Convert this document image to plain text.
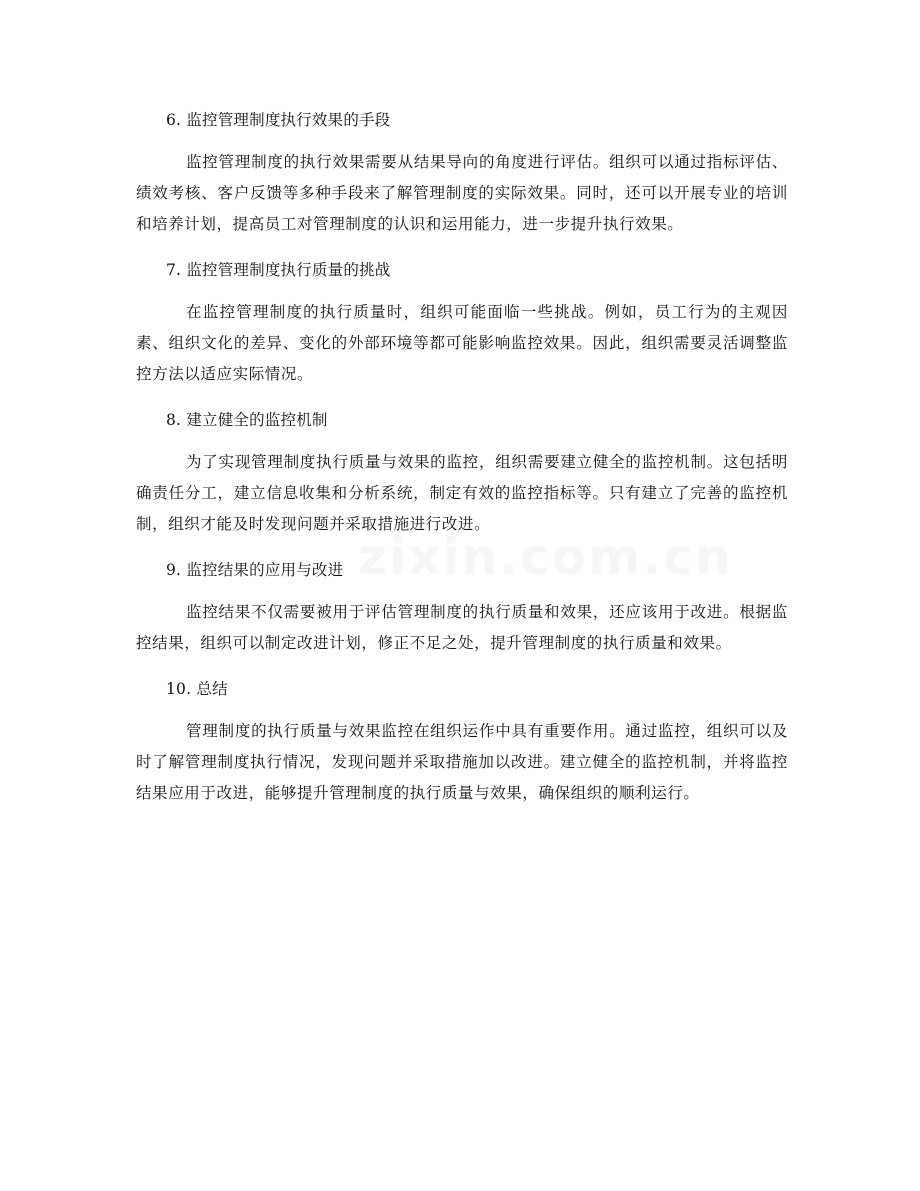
6. 监控管理制度执行效果的手段

监控管理制度的执行效果需要从结果导向的角度进行评估。组织可以通过指标评估、绩效考核、客户反馈等多种手段来了解管理制度的实际效果。同时，还可以开展专业的培训和培养计划，提高员工对管理制度的认识和运用能力，进一步提升执行效果。

7. 监控管理制度执行质量的挑战

在监控管理制度的执行质量时，组织可能面临一些挑战。例如，员工行为的主观因素、组织文化的差异、变化的外部环境等都可能影响监控效果。因此，组织需要灵活调整监控方法以适应实际情况。

8. 建立健全的监控机制

为了实现管理制度执行质量与效果的监控，组织需要建立健全的监控机制。这包括明确责任分工，建立信息收集和分析系统，制定有效的监控指标等。只有建立了完善的监控机制，组织才能及时发现问题并采取措施进行改进。

9. 监控结果的应用与改进

监控结果不仅需要被用于评估管理制度的执行质量和效果，还应该用于改进。根据监控结果，组织可以制定改进计划，修正不足之处，提升管理制度的执行质量和效果。

10. 总结

管理制度的执行质量与效果监控在组织运作中具有重要作用。通过监控，组织可以及时了解管理制度执行情况，发现问题并采取措施加以改进。建立健全的监控机制，并将监控结果应用于改进，能够提升管理制度的执行质量与效果，确保组织的顺利运行。
